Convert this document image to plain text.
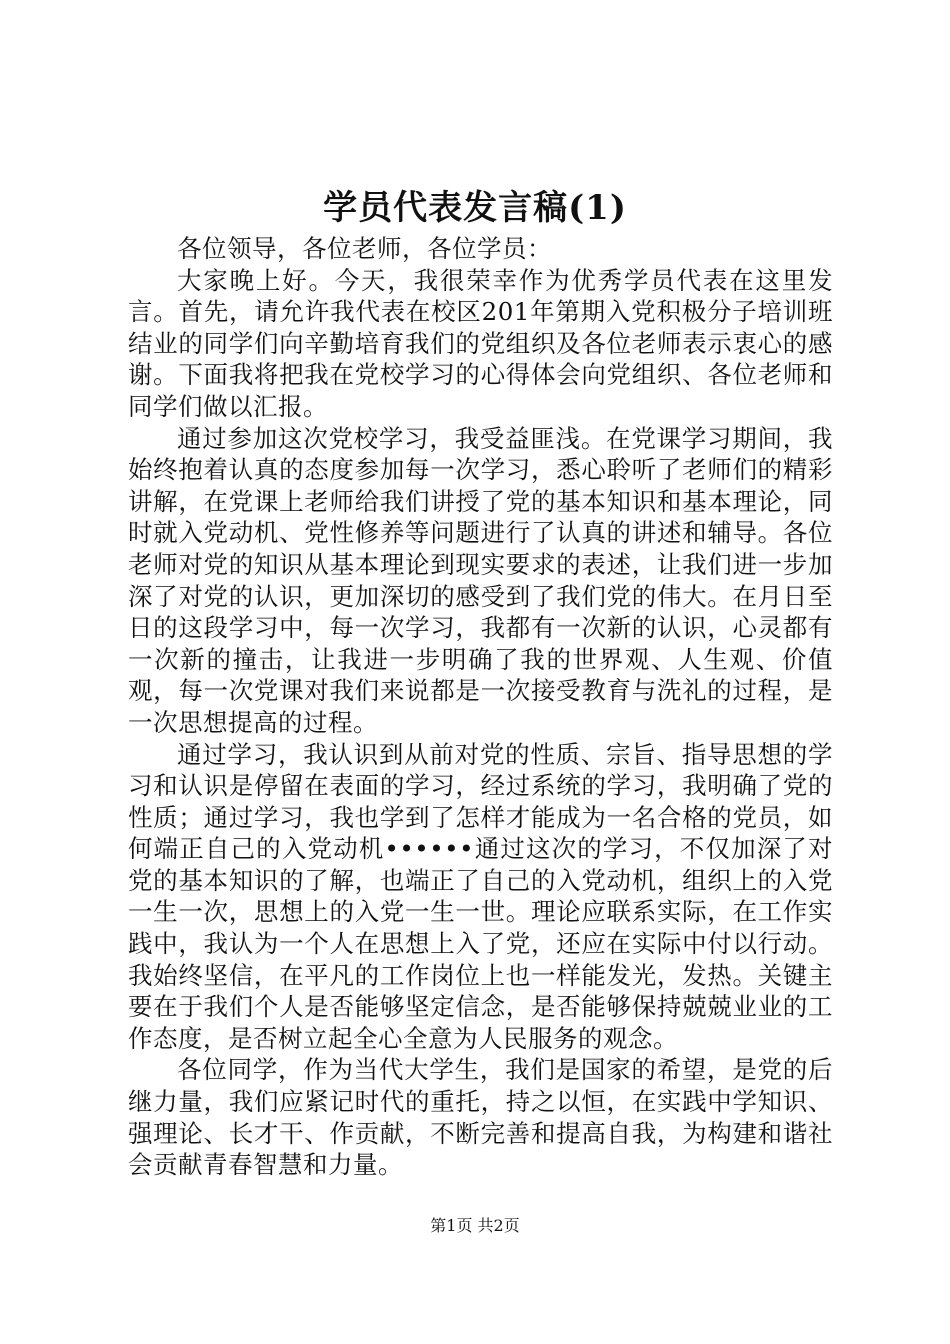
学员代表发言稿(1)

各位领导，各位老师，各位学员：

大家晚上好。今天，我很荣幸作为优秀学员代表在这里发言。首先，请允许我代表在校区201年第期入党积极分子培训班结业的同学们向辛勤培育我们的党组织及各位老师表示衷心的感谢。下面我将把我在党校学习的心得体会向党组织、各位老师和同学们做以汇报。

通过参加这次党校学习，我受益匪浅。在党课学习期间，我始终抱着认真的态度参加每一次学习，悉心聆听了老师们的精彩讲解，在党课上老师给我们讲授了党的基本知识和基本理论，同时就入党动机、党性修养等问题进行了认真的讲述和辅导。各位老师对党的知识从基本理论到现实要求的表述，让我们进一步加深了对党的认识，更加深切的感受到了我们党的伟大。在月日至日的这段学习中，每一次学习，我都有一次新的认识，心灵都有一次新的撞击，让我进一步明确了我的世界观、人生观、价值观，每一次党课对我们来说都是一次接受教育与洗礼的过程，是一次思想提高的过程。

通过学习，我认识到从前对党的性质、宗旨、指导思想的学习和认识是停留在表面的学习，经过系统的学习，我明确了党的性质；通过学习，我也学到了怎样才能成为一名合格的党员，如何端正自己的入党动机••••••通过这次的学习，不仅加深了对党的基本知识的了解，也端正了自己的入党动机，组织上的入党一生一次，思想上的入党一生一世。理论应联系实际，在工作实践中，我认为一个人在思想上入了党，还应在实际中付以行动。我始终坚信，在平凡的工作岗位上也一样能发光，发热。关键主要在于我们个人是否能够坚定信念，是否能够保持兢兢业业的工作态度，是否树立起全心全意为人民服务的观念。

各位同学，作为当代大学生，我们是国家的希望，是党的后继力量，我们应紧记时代的重托，持之以恒，在实践中学知识、强理论、长才干、作贡献，不断完善和提高自我，为构建和谐社会贡献青春智慧和力量。

第1页 共2页
